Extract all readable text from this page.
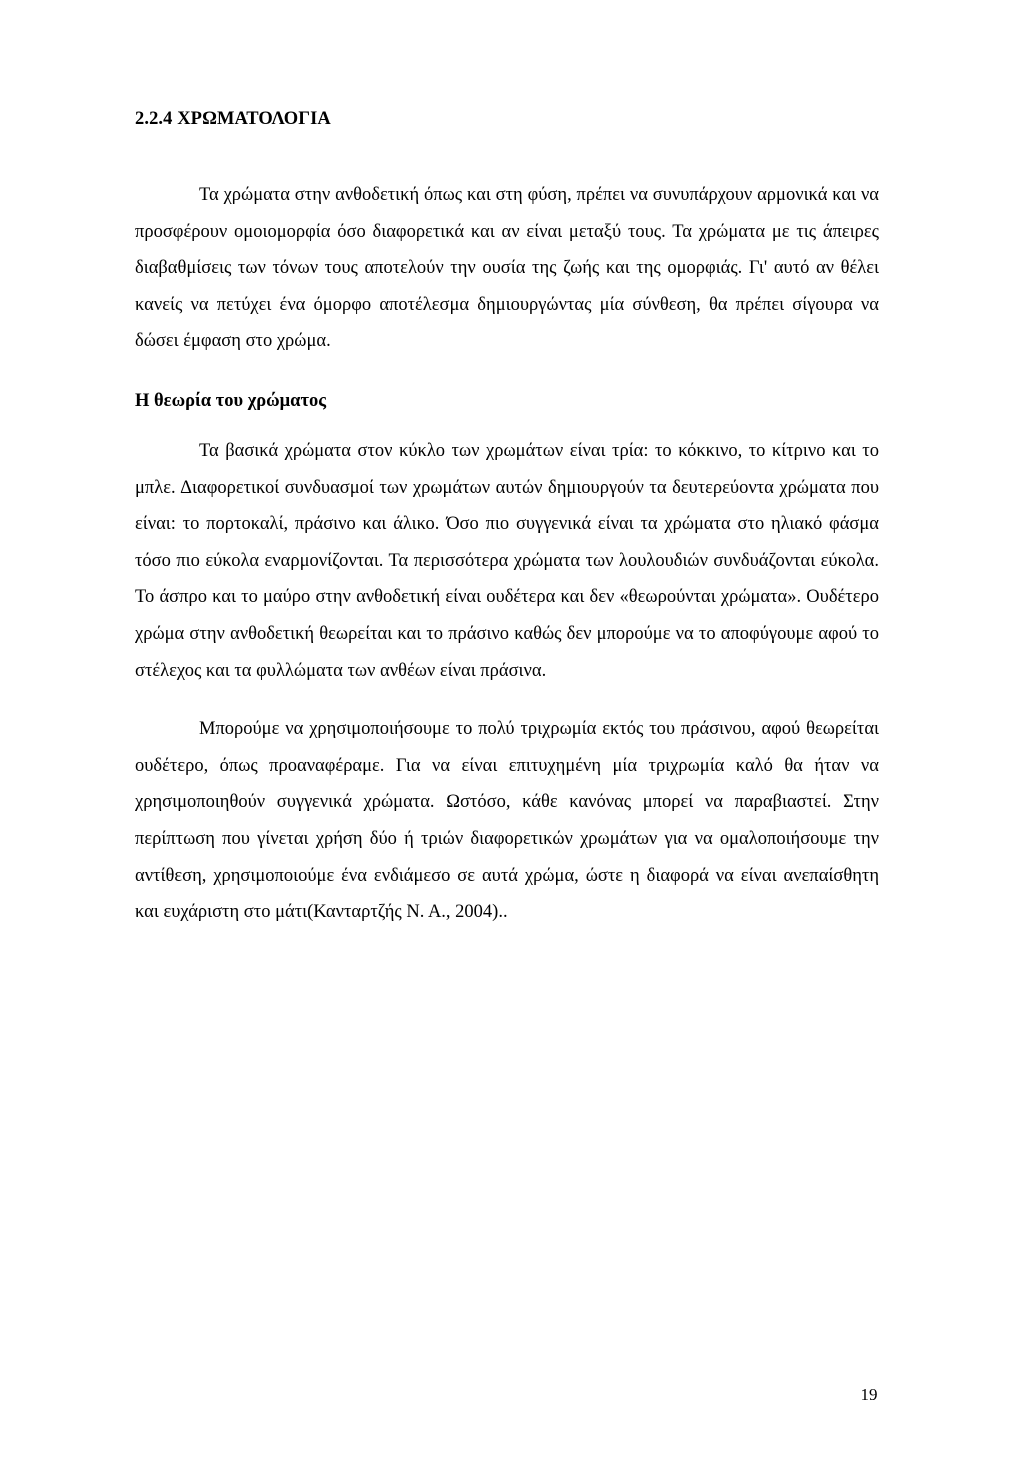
2.2.4 ΧΡΩΜΑΤΟΛΟΓΙΑ

Τα χρώματα στην ανθοδετική όπως και στη φύση, πρέπει να συνυπάρχουν αρμονικά και να προσφέρουν ομοιομορφία όσο διαφορετικά και αν είναι μεταξύ τους. Τα χρώματα με τις άπειρες διαβαθμίσεις των τόνων τους αποτελούν την ουσία της ζωής και της ομορφιάς. Γι' αυτό αν θέλει κανείς να πετύχει ένα όμορφο αποτέλεσμα δημιουργώντας μία σύνθεση, θα πρέπει σίγουρα να δώσει έμφαση στο χρώμα.

Η θεωρία του χρώματος

Τα βασικά χρώματα στον κύκλο των χρωμάτων είναι τρία: το κόκκινο, το κίτρινο και το μπλε. Διαφορετικοί συνδυασμοί των χρωμάτων αυτών δημιουργούν τα δευτερεύοντα χρώματα που είναι: το πορτοκαλί, πράσινο και άλικο. Όσο πιο συγγενικά είναι τα χρώματα στο ηλιακό φάσμα τόσο πιο εύκολα εναρμονίζονται. Τα περισσότερα χρώματα των λουλουδιών συνδυάζονται εύκολα. Το άσπρο και το μαύρο στην ανθοδετική είναι ουδέτερα και δεν «θεωρούνται χρώματα». Ουδέτερο χρώμα στην ανθοδετική θεωρείται και το πράσινο καθώς δεν μπορούμε να το αποφύγουμε αφού το στέλεχος και τα φυλλώματα των ανθέων είναι πράσινα.

Μπορούμε να χρησιμοποιήσουμε το πολύ τριχρωμία εκτός του πράσινου, αφού θεωρείται ουδέτερο, όπως προαναφέραμε. Για να είναι επιτυχημένη μία τριχρωμία καλό θα ήταν να χρησιμοποιηθούν συγγενικά χρώματα. Ωστόσο, κάθε κανόνας μπορεί να παραβιαστεί. Στην περίπτωση που γίνεται χρήση δύο ή τριών διαφορετικών χρωμάτων για να ομαλοποιήσουμε την αντίθεση, χρησιμοποιούμε ένα ενδιάμεσο σε αυτά χρώμα, ώστε η διαφορά να είναι ανεπαίσθητη και ευχάριστη στο μάτι(Κανταρτζής Ν. Α., 2004)..

19
